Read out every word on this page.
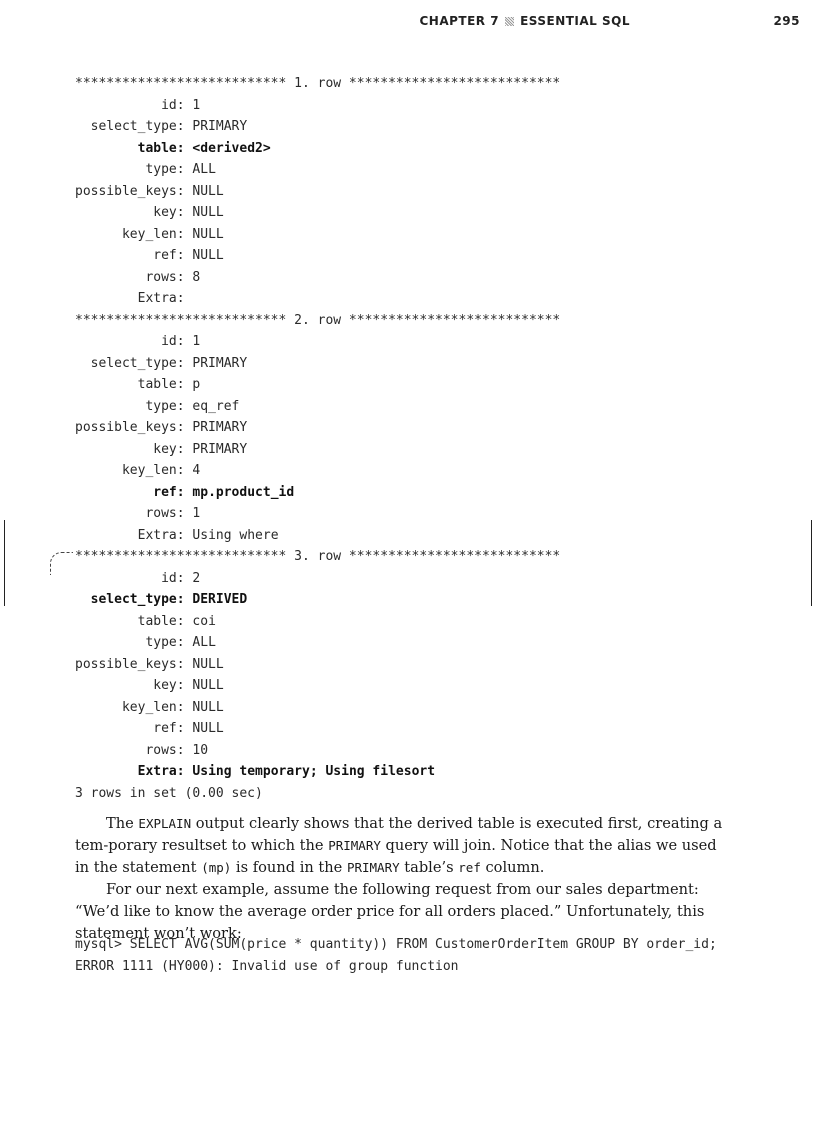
CHAPTER 7 ESSENTIAL SQL	295
*************************** 1. row ***************************
id: 1
select_type: PRIMARY
table: <derived2>
type: ALL
possible_keys: NULL
key: NULL
key_len: NULL
ref: NULL
rows: 8
Extra:
*************************** 2. row ***************************
id: 1
select_type: PRIMARY
table: p
type: eq_ref
possible_keys: PRIMARY
key: PRIMARY
key_len: 4
ref: mp.product_id
rows: 1
Extra: Using where
*************************** 3. row ***************************
id: 2
select_type: DERIVED
table: coi
type: ALL
possible_keys: NULL
key: NULL
key_len: NULL
ref: NULL
rows: 10
Extra: Using temporary; Using filesort
3 rows in set (0.00 sec)

The EXPLAIN output clearly shows that the derived table is executed first, creating a tem-porary resultset to which the PRIMARY query will join. Notice that the alias we used in the statement (mp) is found in the PRIMARY table’s ref column.

For our next example, assume the following request from our sales department: “We’d like to know the average order price for all orders placed.” Unfortunately, this statement won’t work:

mysql> SELECT AVG(SUM(price * quantity)) FROM CustomerOrderItem GROUP BY order_id;
ERROR 1111 (HY000): Invalid use of group function
